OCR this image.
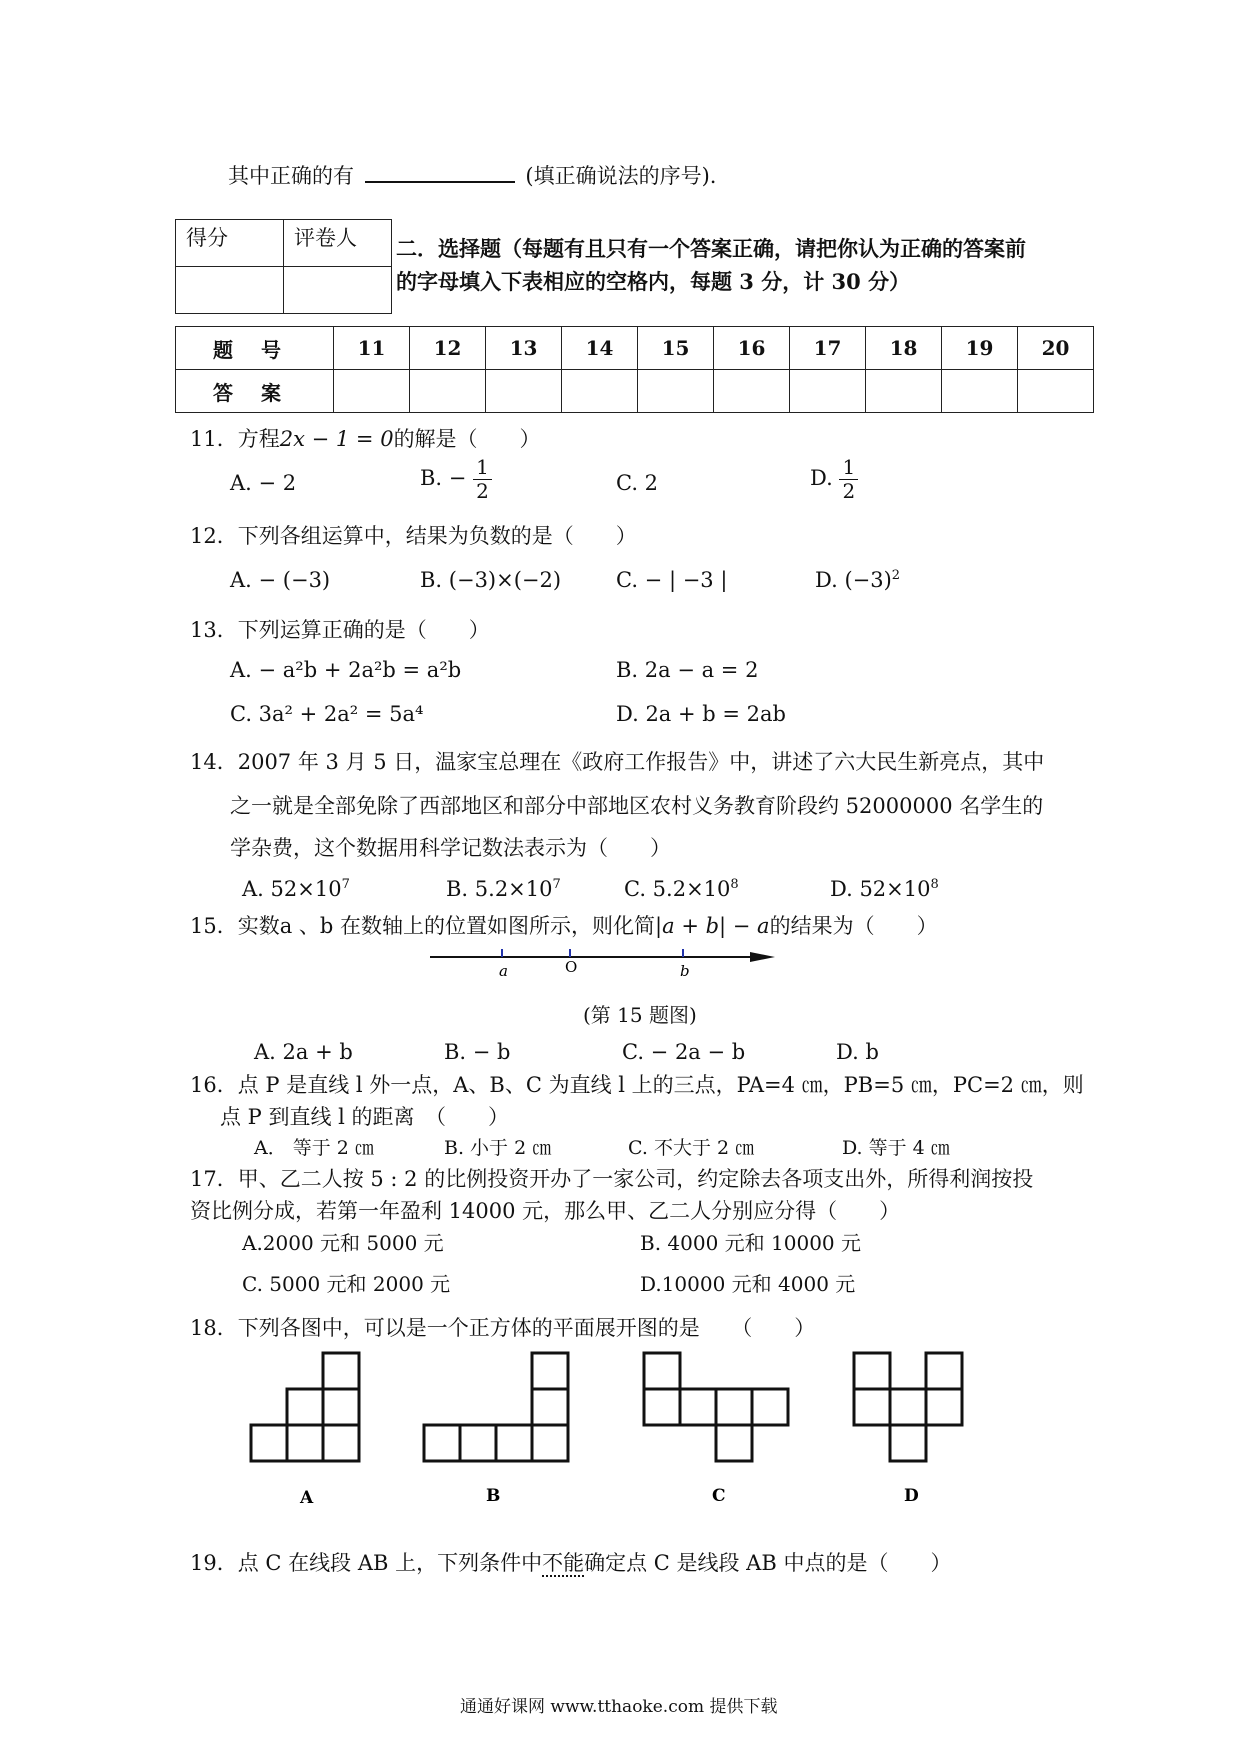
其中正确的有	(填正确说法的序号).
得分	评卷人
	二．选择题（每题有且只有一个答案正确，请把你认为正确的答案前
的字母填入下表相应的空格内，每题 3 分，计 30 分）
题号	11	12	13	14	15	16	17	18	19	20
答案										
11．方程2x − 1 = 0的解是（　　）
A. − 2	B. − $\frac{1}{2}$	C. 2	D. $\frac{1}{2}$
12．下列各组运算中，结果为负数的是（　　）
A. − (−3)	B. (−3)×(−2)	C. − | −3 |	D. $(-3)^2$
13．下列运算正确的是（　　）
A. − a²b + 2a²b = a²b	B. 2a − a = 2
C. 3a² + 2a² = 5a⁴	D. 2a + b = 2ab
14．2007 年 3 月 5 日，温家宝总理在《政府工作报告》中，讲述了六大民生新亮点，其中
之一就是全部免除了西部地区和部分中部地区农村义务教育阶段约 52000000 名学生的
学杂费，这个数据用科学记数法表示为（　　）
A. $52\times 10^7$	B. $5.2\times 10^7$	C. $5.2\times 10^8$	D. $52\times 10^8$
15．实数a 、b 在数轴上的位置如图所示，则化简|a + b| − a的结果为（　　）
a	O	b
(第 15 题图)
A. 2a + b	B. − b	C. − 2a − b	D. b
16．点 P 是直线 l 外一点，A、B、C 为直线 l 上的三点，PA=4 ㎝，PB=5 ㎝，PC=2 ㎝，则
点 P 到直线 l 的距离　（　　）
A． 等于 2 ㎝	B. 小于 2 ㎝	C. 不大于 2 ㎝	D. 等于 4 ㎝
17．甲、乙二人按 5 : 2 的比例投资开办了一家公司，约定除去各项支出外，所得利润按投
资比例分成，若第一年盈利 14000 元，那么甲、乙二人分别应分得（　　）
A.2000 元和 5000 元	B. 4000 元和 10000 元
C. 5000 元和 2000 元	D.10000 元和 4000 元
18．下列各图中，可以是一个正方体的平面展开图的是　　（　　）
A	B	C	D
19．点 C 在线段 AB 上，下列条件中不能确定点 C 是线段 AB 中点的是（　　）
通通好课网 www.tthaoke.com 提供下载
